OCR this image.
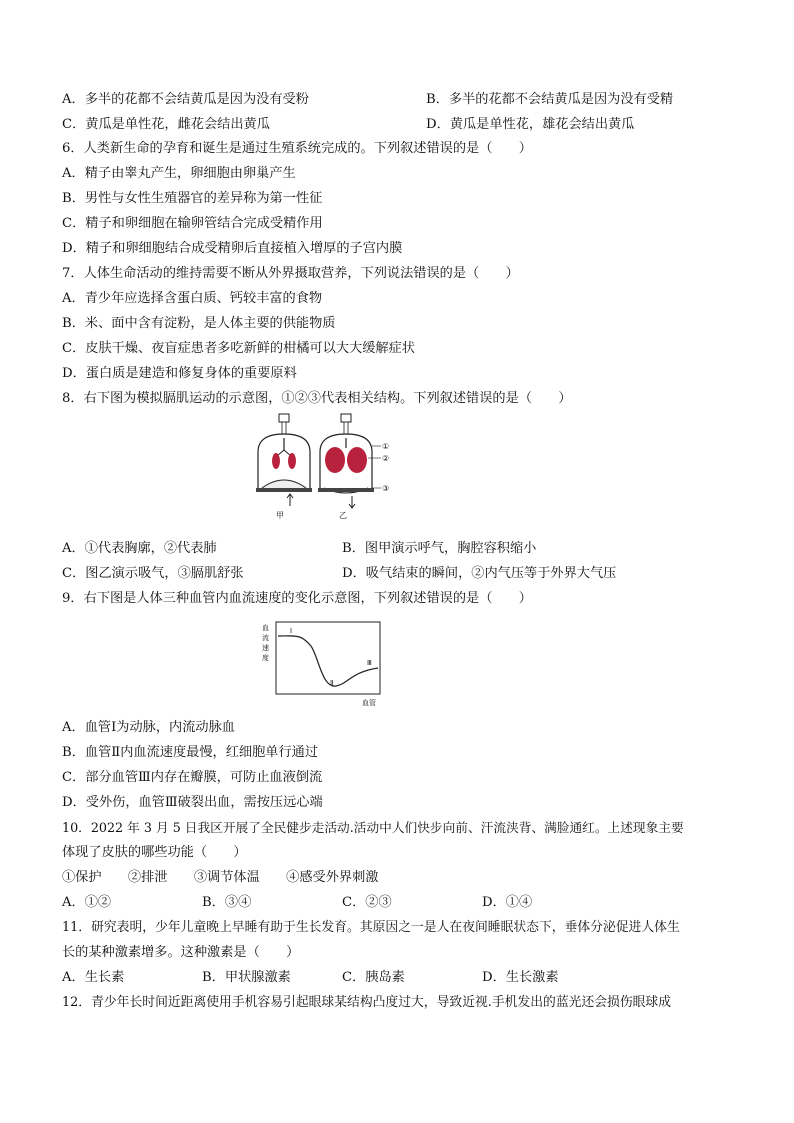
A．多半的花都不会结黄瓜是因为没有受粉	B．多半的花都不会结黄瓜是因为没有受精
C．黄瓜是单性花，雌花会结出黄瓜	D．黄瓜是单性花，雄花会结出黄瓜
6．人类新生命的孕育和诞生是通过生殖系统完成的。下列叙述错误的是（　　）
A．精子由睾丸产生，卵细胞由卵巢产生
B．男性与女性生殖器官的差异称为第一性征
C．精子和卵细胞在输卵管结合完成受精作用
D．精子和卵细胞结合成受精卵后直接植入增厚的子宫内膜
7．人体生命活动的维持需要不断从外界摄取营养，下列说法错误的是（　　）
A．青少年应选择含蛋白质、钙较丰富的食物
B．米、面中含有淀粉，是人体主要的供能物质
C．皮肤干燥、夜盲症患者多吃新鲜的柑橘可以大大缓解症状
D．蛋白质是建造和修复身体的重要原料
8．右下图为模拟膈肌运动的示意图，①②③代表相关结构。下列叙述错误的是（　　）
甲	乙
①
②
③
A．①代表胸廓，②代表肺	B．图甲演示呼气，胸腔容积缩小
C．图乙演示吸气，③膈肌舒张	D．吸气结束的瞬间，②内气压等于外界大气压
9．右下图是人体三种血管内血流速度的变化示意图，下列叙述错误的是（　　）
血 流 速 度
Ⅰ
Ⅱ
Ⅲ
血管
A．血管Ⅰ为动脉，内流动脉血
B．血管Ⅱ内血流速度最慢，红细胞单行通过
C．部分血管Ⅲ内存在瓣膜，可防止血液倒流
D．受外伤，血管Ⅲ破裂出血，需按压远心端
10．2022 年 3 月 5 日我区开展了全民健步走活动.活动中人们快步向前、汗流浃背、满脸通红。上述现象主要
体现了皮肤的哪些功能（　　）
①保护　　②排泄　　③调节体温　　④感受外界刺激
A．①②	B．③④	C．②③	D．①④
11．研究表明，少年儿童晚上早睡有助于生长发育。其原因之一是人在夜间睡眠状态下，垂体分泌促进人体生
长的某种激素增多。这种激素是（　　）
A．生长素	B．甲状腺激素	C．胰岛素	D．生长激素
12．青少年长时间近距离使用手机容易引起眼球某结构凸度过大，导致近视.手机发出的蓝光还会损伤眼球成
